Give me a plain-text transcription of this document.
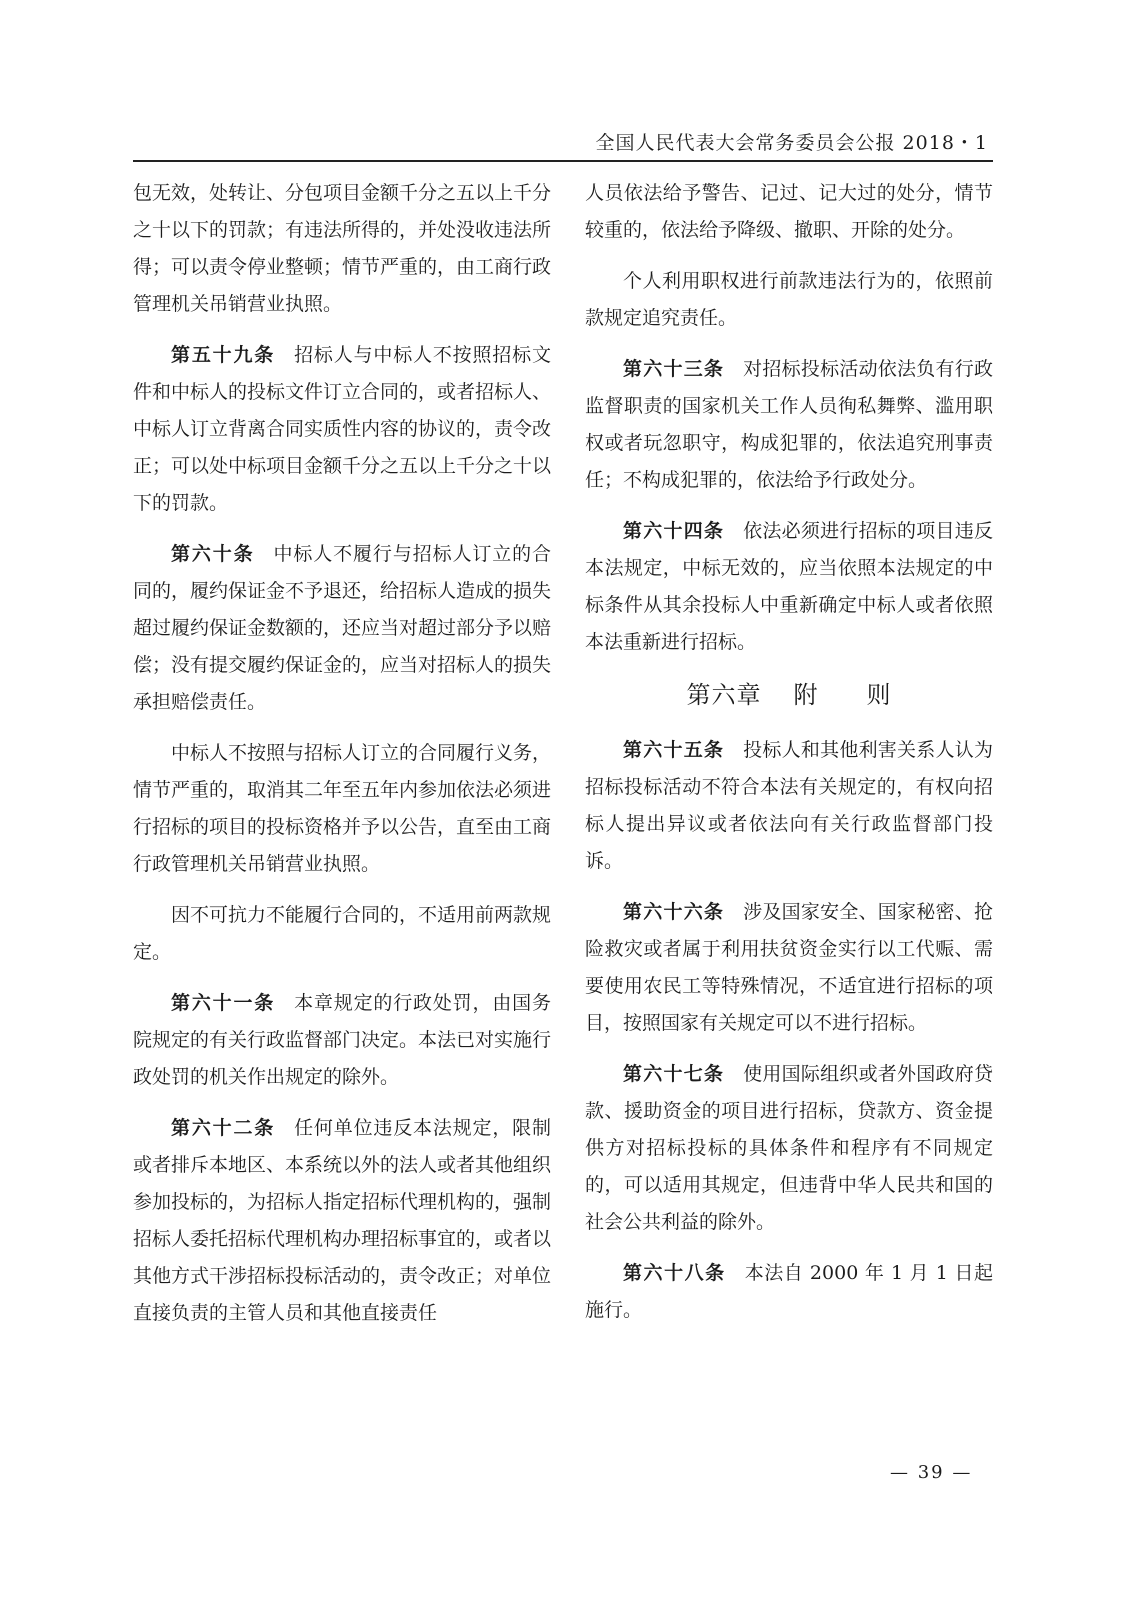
全国人民代表大会常务委员会公报 2018・1

包无效，处转让、分包项目金额千分之五以上千分之十以下的罚款；有违法所得的，并处没收违法所得；可以责令停业整顿；情节严重的，由工商行政管理机关吊销营业执照。

第五十九条 招标人与中标人不按照招标文件和中标人的投标文件订立合同的，或者招标人、中标人订立背离合同实质性内容的协议的，责令改正；可以处中标项目金额千分之五以上千分之十以下的罚款。

第六十条 中标人不履行与招标人订立的合同的，履约保证金不予退还，给招标人造成的损失超过履约保证金数额的，还应当对超过部分予以赔偿；没有提交履约保证金的，应当对招标人的损失承担赔偿责任。

中标人不按照与招标人订立的合同履行义务，情节严重的，取消其二年至五年内参加依法必须进行招标的项目的投标资格并予以公告，直至由工商行政管理机关吊销营业执照。

因不可抗力不能履行合同的，不适用前两款规定。

第六十一条 本章规定的行政处罚，由国务院规定的有关行政监督部门决定。本法已对实施行政处罚的机关作出规定的除外。

第六十二条 任何单位违反本法规定，限制或者排斥本地区、本系统以外的法人或者其他组织参加投标的，为招标人指定招标代理机构的，强制招标人委托招标代理机构办理招标事宜的，或者以其他方式干涉招标投标活动的，责令改正；对单位直接负责的主管人员和其他直接责任

人员依法给予警告、记过、记大过的处分，情节较重的，依法给予降级、撤职、开除的处分。

个人利用职权进行前款违法行为的，依照前款规定追究责任。

第六十三条 对招标投标活动依法负有行政监督职责的国家机关工作人员徇私舞弊、滥用职权或者玩忽职守，构成犯罪的，依法追究刑事责任；不构成犯罪的，依法给予行政处分。

第六十四条 依法必须进行招标的项目违反本法规定，中标无效的，应当依照本法规定的中标条件从其余投标人中重新确定中标人或者依照本法重新进行招标。

第六章 附 则

第六十五条 投标人和其他利害关系人认为招标投标活动不符合本法有关规定的，有权向招标人提出异议或者依法向有关行政监督部门投诉。

第六十六条 涉及国家安全、国家秘密、抢险救灾或者属于利用扶贫资金实行以工代赈、需要使用农民工等特殊情况，不适宜进行招标的项目，按照国家有关规定可以不进行招标。

第六十七条 使用国际组织或者外国政府贷款、援助资金的项目进行招标，贷款方、资金提供方对招标投标的具体条件和程序有不同规定的，可以适用其规定，但违背中华人民共和国的社会公共利益的除外。

第六十八条 本法自 2000 年 1 月 1 日起施行。

— 39 —
